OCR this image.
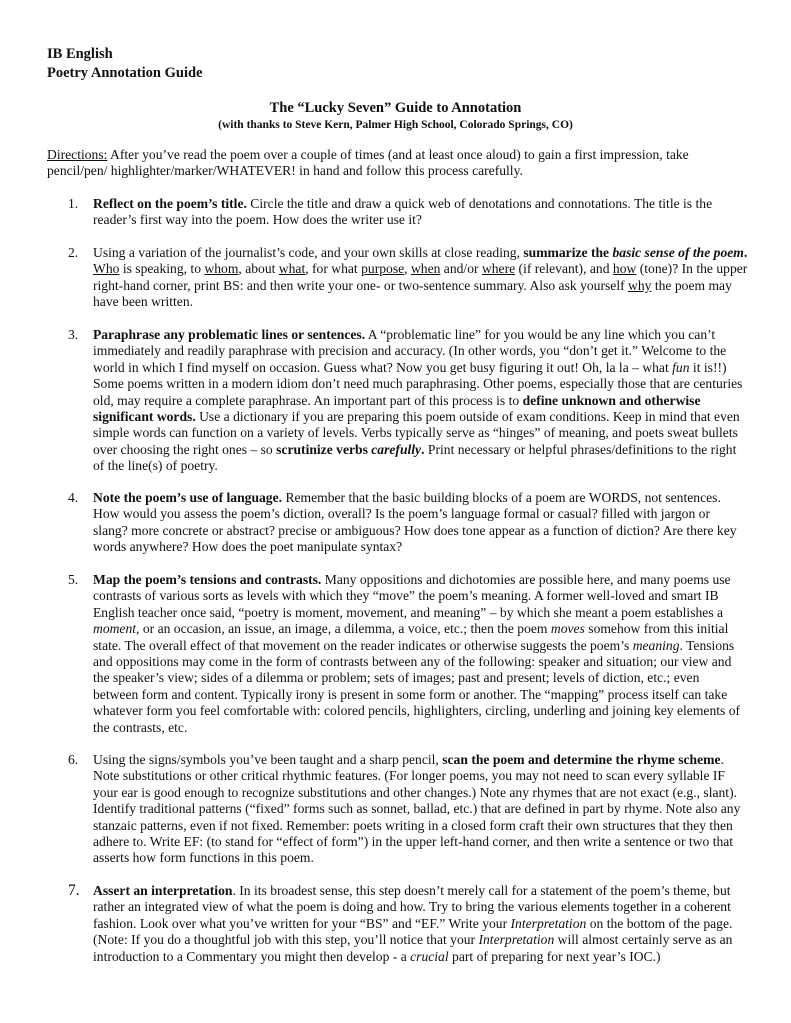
IB English
Poetry Annotation Guide
The “Lucky Seven” Guide to Annotation
(with thanks to Steve Kern, Palmer High School, Colorado Springs, CO)
Directions: After you’ve read the poem over a couple of times (and at least once aloud) to gain a first impression, take pencil/pen/ highlighter/marker/WHATEVER! in hand and follow this process carefully.
1. Reflect on the poem’s title. Circle the title and draw a quick web of denotations and connotations. The title is the reader’s first way into the poem. How does the writer use it?
2. Using a variation of the journalist’s code, and your own skills at close reading, summarize the basic sense of the poem. Who is speaking, to whom, about what, for what purpose, when and/or where (if relevant), and how (tone)? In the upper right-hand corner, print BS: and then write your one- or two-sentence summary. Also ask yourself why the poem may have been written.
3. Paraphrase any problematic lines or sentences. A “problematic line” for you would be any line which you can’t immediately and readily paraphrase with precision and accuracy. (In other words, you “don’t get it.” Welcome to the world in which I find myself on occasion. Guess what? Now you get busy figuring it out! Oh, la la – what fun it is!!) Some poems written in a modern idiom don’t need much paraphrasing. Other poems, especially those that are centuries old, may require a complete paraphrase. An important part of this process is to define unknown and otherwise significant words. Use a dictionary if you are preparing this poem outside of exam conditions. Keep in mind that even simple words can function on a variety of levels. Verbs typically serve as “hinges” of meaning, and poets sweat bullets over choosing the right ones – so scrutinize verbs carefully. Print necessary or helpful phrases/definitions to the right of the line(s) of poetry.
4. Note the poem’s use of language. Remember that the basic building blocks of a poem are WORDS, not sentences. How would you assess the poem’s diction, overall? Is the poem’s language formal or casual? filled with jargon or slang? more concrete or abstract? precise or ambiguous? How does tone appear as a function of diction? Are there key words anywhere? How does the poet manipulate syntax?
5. Map the poem’s tensions and contrasts. Many oppositions and dichotomies are possible here, and many poems use contrasts of various sorts as levels with which they “move” the poem’s meaning. A former well-loved and smart IB English teacher once said, “poetry is moment, movement, and meaning” – by which she meant a poem establishes a moment, or an occasion, an issue, an image, a dilemma, a voice, etc.; then the poem moves somehow from this initial state. The overall effect of that movement on the reader indicates or otherwise suggests the poem’s meaning. Tensions and oppositions may come in the form of contrasts between any of the following: speaker and situation; our view and the speaker’s view; sides of a dilemma or problem; sets of images; past and present; levels of diction, etc.; even between form and content. Typically irony is present in some form or another. The “mapping” process itself can take whatever form you feel comfortable with: colored pencils, highlighters, circling, underling and joining key elements of the contrasts, etc.
6. Using the signs/symbols you’ve been taught and a sharp pencil, scan the poem and determine the rhyme scheme. Note substitutions or other critical rhythmic features. (For longer poems, you may not need to scan every syllable IF your ear is good enough to recognize substitutions and other changes.) Note any rhymes that are not exact (e.g., slant). Identify traditional patterns (“fixed” forms such as sonnet, ballad, etc.) that are defined in part by rhyme. Note also any stanzaic patterns, even if not fixed. Remember: poets writing in a closed form craft their own structures that they then adhere to. Write EF: (to stand for “effect of form”) in the upper left-hand corner, and then write a sentence or two that asserts how form functions in this poem.
7. Assert an interpretation. In its broadest sense, this step doesn’t merely call for a statement of the poem’s theme, but rather an integrated view of what the poem is doing and how. Try to bring the various elements together in a coherent fashion. Look over what you’ve written for your “BS” and “EF.” Write your Interpretation on the bottom of the page. (Note: If you do a thoughtful job with this step, you’ll notice that your Interpretation will almost certainly serve as an introduction to a Commentary you might then develop - a crucial part of preparing for next year’s IOC.)
